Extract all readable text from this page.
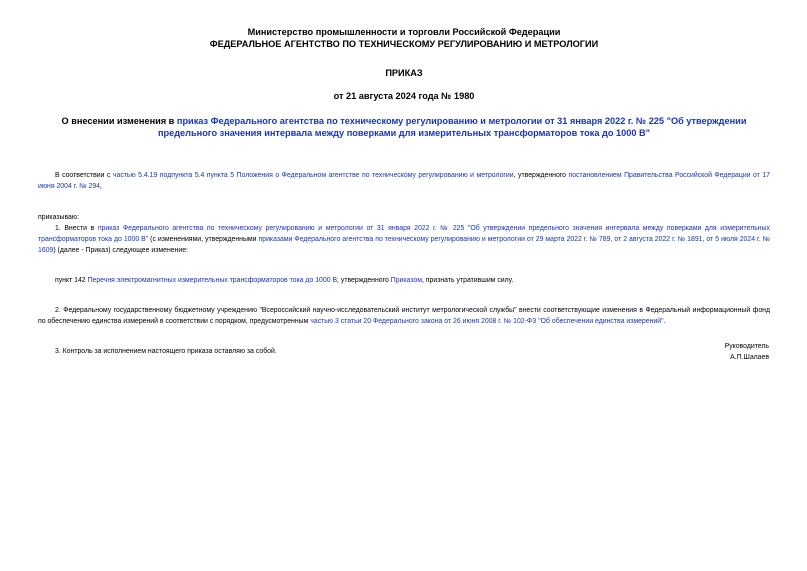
Министерство промышленности и торговли Российской Федерации
ФЕДЕРАЛЬНОЕ АГЕНТСТВО ПО ТЕХНИЧЕСКОМУ РЕГУЛИРОВАНИЮ И МЕТРОЛОГИИ
ПРИКАЗ
от 21 августа 2024 года № 1980
О внесении изменения в приказ Федерального агентства по техническому регулированию и метрологии от 31 января 2022 г. № 225 "Об утверждении предельного значения интервала между поверками для измерительных трансформаторов тока до 1000 В"

В соответствии с частью 5.4.19 подпункта 5.4 пункта 5 Положения о Федеральном агентстве по техническому регулированию и метрологии, утвержденного постановлением Правительства Российской Федерации от 17 июня 2004 г. № 294,

приказываю:

1. Внести в приказ Федерального агентства по техническому регулированию и метрологии от 31 января 2022 г. № 225 "Об утверждении предельного значения интервала между поверками для измерительных трансформаторов тока до 1000 В" (с изменениями, утвержденными приказами Федерального агентства по техническому регулированию и метрологии от 29 марта 2022 г. № 789, от 2 августа 2022 г. № 1891, от 5 июля 2024 г. № 1609) (далее - Приказ) следующее изменение:

пункт 142 Перечня электромагнитных измерительных трансформаторов тока до 1000 В, утвержденного Приказом, признать утратившим силу.

2. Федеральному государственному бюджетному учреждению "Всероссийский научно-исследовательский институт метрологической службы" внести соответствующие изменения в Федеральный информационный фонд по обеспечению единства измерений в соответствии с порядком, предусмотренным частью 3 статьи 20 Федерального закона от 26 июня 2008 г. № 102-ФЗ "Об обеспечении единства измерений".

3. Контроль за исполнением настоящего приказа оставляю за собой.

Руководитель
А.П.Шалаев
